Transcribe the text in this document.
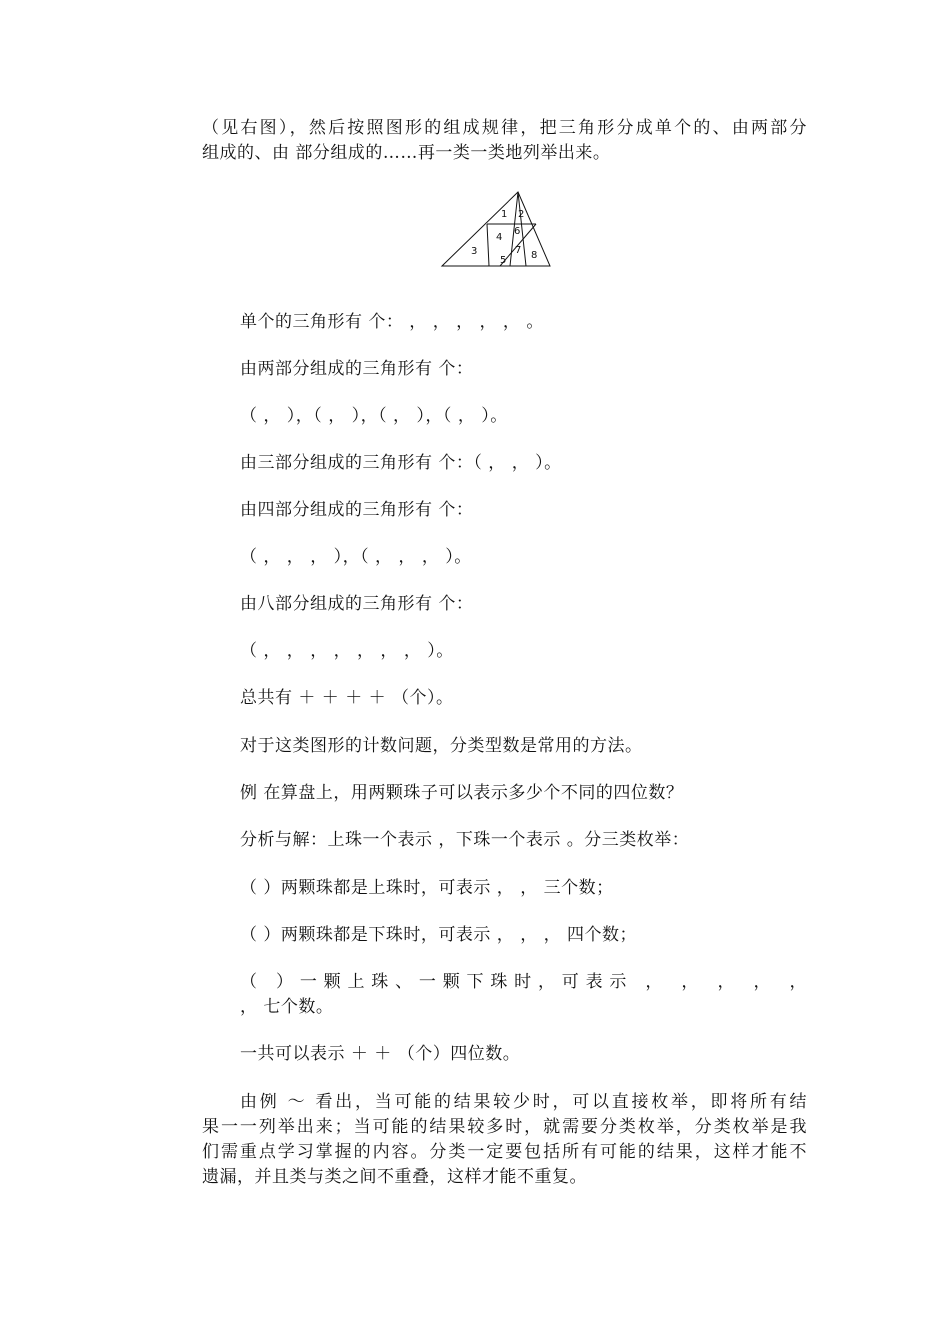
（见右图），然后按照图形的组成规律，把三角形分成单个的、由两部分
组成的、由 部分组成的……再一类一类地列举出来。
1 2
3
4
5
6
7 8
单个的三角形有 个： ， ， ， ， ， 。
由两部分组成的三角形有 个：
（ ， ），（ ， ），（ ， ），（ ， ）。
由三部分组成的三角形有 个：（ ， ， ）。
由四部分组成的三角形有 个：
（ ， ， ， ），（ ， ， ， ）。
由八部分组成的三角形有 个：
（ ， ， ， ， ， ， ， ）。
总共有 ＋ ＋ ＋ ＋ （个）。
对于这类图形的计数问题，分类型数是常用的方法。
例 在算盘上，用两颗珠子可以表示多少个不同的四位数？
分析与解：上珠一个表示 ，下珠一个表示 。分三类枚举：
（ ）两颗珠都是上珠时，可表示 ， ， 三个数；
（ ）两颗珠都是下珠时，可表示 ， ， ， 四个数；
（ ）一颗上珠、一颗下珠时，可表示 ， ， ， ， ，
， 七个数。
一共可以表示 ＋ ＋ （个）四位数。
由例 ～ 看出，当可能的结果较少时，可以直接枚举，即将所有结
果一一列举出来；当可能的结果较多时，就需要分类枚举，分类枚举是我
们需重点学习掌握的内容。分类一定要包括所有可能的结果，这样才能不
遗漏，并且类与类之间不重叠，这样才能不重复。
